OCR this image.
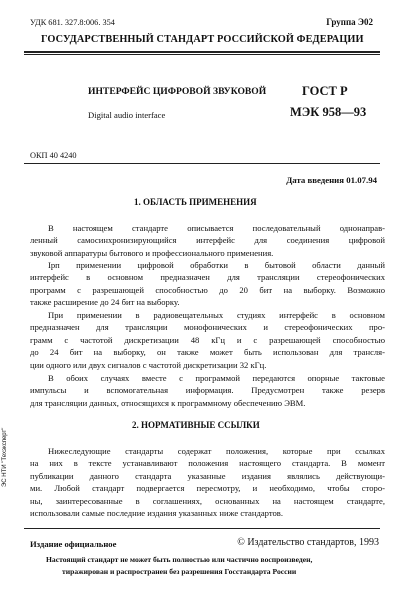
УДК 681. 327.8:006. 354	Группа Э02
ГОСУДАРСТВЕННЫЙ СТАНДАРТ РОССИЙСКОЙ ФЕДЕРАЦИИ
ИНТЕРФЕЙС ЦИФРОВОЙ ЗВУКОВОЙ
Digital audio interface
ГОСТ Р
МЭК 958—93
ОКП 40 4240
Дата введения 01.07.94
1. ОБЛАСТЬ ПРИМЕНЕНИЯ
В настоящем стандарте описывается последовательный однонаправ-
ленный самосинхронизирующийся интерфейс для соединения цифровой
звуковой аппаратуры бытового и профессионального применения.
Ірп применении цифровой обработки в бытовой области данный
интерфейс в основном предназначен для трансляции стереофонических
программ с разрешающей способностью до 20 бит на выборку. Возможно
также расширение до 24 бит на выборку.
При применении в радиовещательных студиях интерфейс в основном
предназначен для трансляции монофонических и стереофонических про-
грамм с частотой дискретизации 48 кГц и с разрешающей способностью
до 24 бит на выборку, он также может быть использован для трансля-
ции одного или двух сигналов с частотой дискретизации 32 кГц.
В обоих случаях вместе с программой передаются опорные тактовые
импульсы и вспомогательная информация. Предусмотрен также резерв
для трансляции данных, относящихся к программному обеспечению ЭВМ.
2. НОРМАТИВНЫЕ ССЫЛКИ
Нижеследующие стандарты содержат положения, которые при ссылках
на них в тексте устанавливают положения настоящего стандарта. В момент
публикации данного стандарта указанные издания являлись действующи-
ми. Любой стандарт подвергается пересмотру, и необходимо, чтобы сторо-
ны, заинтересованные в соглашениях, основанных на настоящем стандарте,
использовали самые последние издания указанных ниже стандартов.
ЭС НТИ "Техэксперт"
Издание официальное	© Издательство стандартов, 1993
Настоящий стандарт не может быть полностью или частично воспроизведен,
тиражирован и распространен без разрешения Госстандарта России
